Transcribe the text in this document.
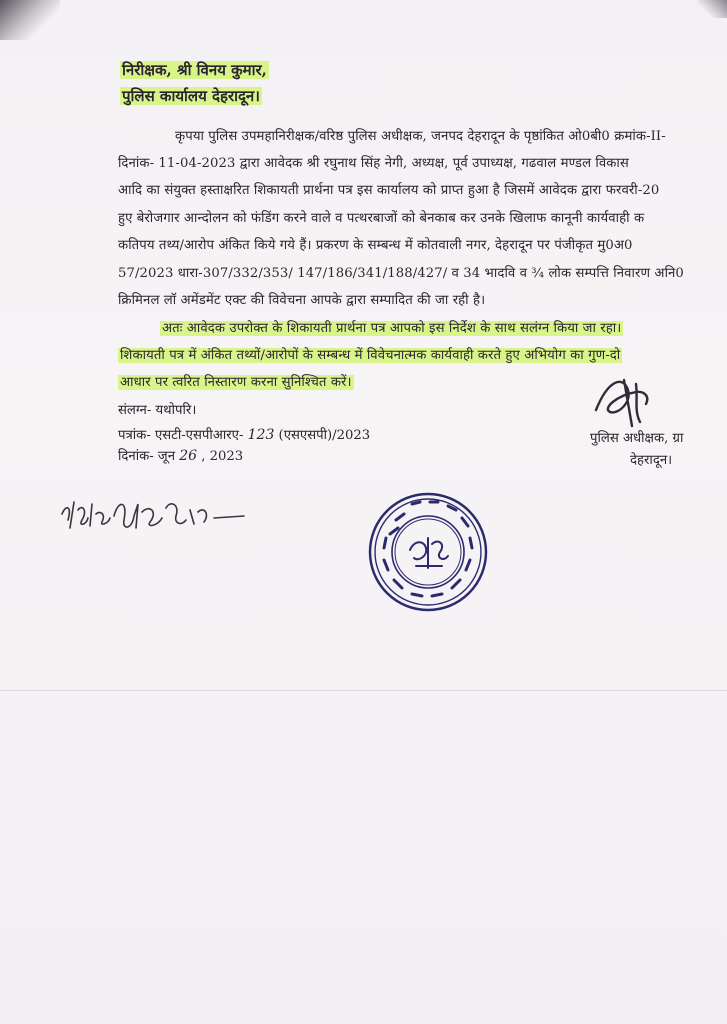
निरीक्षक, श्री विनय कुमार,
पुलिस कार्यालय देहरादून।
कृपया पुलिस उपमहानिरीक्षक/वरिष्ठ पुलिस अधीक्षक, जनपद देहरादून के पृष्ठांकित ओ0बी0 क्रमांक-II-
दिनांक- 11-04-2023 द्वारा आवेदक श्री रघुनाथ सिंह नेगी, अध्यक्ष, पूर्व उपाध्यक्ष, गढवाल मण्डल विकास
आदि का संयुक्त हस्ताक्षरित शिकायती प्रार्थना पत्र इस कार्यालय को प्राप्त हुआ है जिसमें आवेदक द्वारा फरवरी-20
हुए बेरोजगार आन्दोलन को फंडिंग करने वाले व पत्थरबाजों को बेनकाब कर उनके खिलाफ कानूनी कार्यवाही क
कतिपय तथ्य/आरोप अंकित किये गये हैं। प्रकरण के सम्बन्ध में कोतवाली नगर, देहरादून पर पंजीकृत मु0अ0
57/2023 धारा-307/332/353/ 147/186/341/188/427/ व 34 भादवि व ¾ लोक सम्पत्ति निवारण अनि0
क्रिमिनल लॉ अमेंडमेंट एक्ट की विवेचना आपके द्वारा सम्पादित की जा रही है।
अतः आवेदक उपरोक्त के शिकायती प्रार्थना पत्र आपको इस निर्देश के साथ सलंग्न किया जा रहा।
शिकायती पत्र में अंकित तथ्यों/आरोपों के सम्बन्ध में विवेचनात्मक कार्यवाही करते हुए अभियोग का गुण-दो
आधार पर त्वरित निस्तारण करना सुनिश्चित करें।
संलग्न- यथोपरि।
पत्रांक- एसटी-एसपीआरए- 123 (एसएसपी)/2023
दिनांक- जून 26 , 2023
पुलिस अधीक्षक, ग्रा
देहरादून।
